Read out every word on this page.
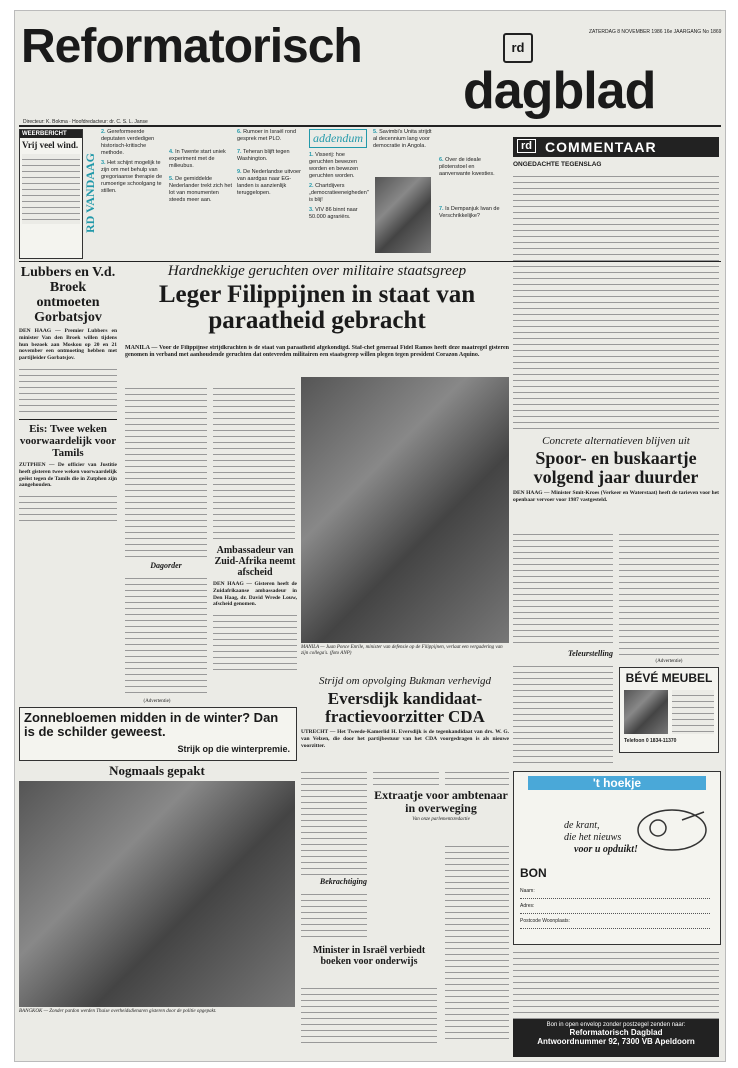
Reformatorisch	rd
ZATERDAG 8 NOVEMBER 1986 16e JAARGANG No 1869
dagblad
Directeur: K. Bokma · Hoofdredacteur: dr. C. S. L. Janse
WEERBERICHT
Vrij veel wind.
RD VANDAAG
2. Gereformeerde deputaten verdedigen historisch-kritische methode.
3. Het schijnt mogelijk te zijn om met behulp van gregoriaanse therapie de rumoerige schoolgang te stillen.
4. In Twente start uniek experiment met de milieubus.
5. De gemiddelde Nederlander trekt zich het lot van monumenten steeds meer aan.
6. Rumoer in Israël rond gesprek met PLO.
7. Teheran blijft tegen Washington.
9. De Nederlandse uitvoer van aardgas naar EG-landen is aanzienlijk teruggelopen.
addendum
1. Visserij: hoe geruchten bewezen worden en bewezen geruchten worden.
2. Chartdijvers „democratieeneigheden" is blij!
3. VIV 86 binnt naar 50.000 agrariërs.
5. Savimbi's Unita strijdt al decennium lang voor democratie in Angola.
6. Over de ideale pilotenstoel en aanverwante kwesties.
7. Is Dempanjuk Iwan de Verschrikkelijke?
rd COMMENTAAR
ONGEDACHTE TEGENSLAG
Lubbers en V.d. Broek ontmoeten Gorbatsjov
DEN HAAG — Premier Lubbers en minister Van den Broek willen tijdens hun bezoek aan Moskou op 20 en 21 november een ontmoeting hebben met partijleider Gorbatsjov.
Eis: Twee weken voorwaardelijk voor Tamils
ZUTPHEN — De officier van Justitie heeft gisteren twee weken voorwaardelijk geëist tegen de Tamils die in Zutphen zijn aangehouden.
Hardnekkige geruchten over militaire staatsgreep
Leger Filippijnen in staat van paraatheid gebracht
MANILA — Voor de Filippijnse strijdkrachten is de staat van paraatheid afgekondigd. Staf-chef generaal Fidel Ramos heeft deze maatregel gisteren genomen in verband met aanhoudende geruchten dat ontevreden militairen een staatsgreep willen plegen tegen president Corazon Aquino.
Dagorder
MANILA — Juan Ponce Enrile, minister van defensie op de Filippijnen, verlaat een vergadering van zijn collega's. (foto ANP)
Ambassadeur van Zuid-Afrika neemt afscheid
DEN HAAG — Gisteren heeft de Zuidafrikaanse ambassadeur in Den Haag, dr. David Wrede Louw, afscheid genomen.
Concrete alternatieven blijven uit
Spoor- en buskaartje volgend jaar duurder
DEN HAAG — Minister Smit-Kroes (Verkeer en Waterstaat) heeft de tarieven voor het openbaar vervoer voor 1987 vastgesteld.
Teleurstelling
(Advertentie)
BÉVÉ MEUBEL
Telefoon 0 1834-11370
Strijd om opvolging Bukman verhevigd
Eversdijk kandidaat-fractievoorzitter CDA
UTRECHT — Het Tweede-Kamerlid H. Eversdijk is de tegenkandidaat van drs. W. G. van Velzen, die door het partijbestuur van het CDA voorgedragen is als nieuwe voorzitter.
Bekrachtiging
Extraatje voor ambtenaar in overweging
Van onze parlementsredactie
Minister in Israël verbiedt boeken voor onderwijs
(Advertentie)
Zonnebloemen midden in de winter? Dan is de schilder geweest.
Strijk op die winterpremie.
Nogmaals gepakt
BANGKOK — Zonder pardon werden Thaise overheidsdienaren gisteren door de politie opgepakt.
't hoekje
de krant,
die het nieuws
voor u opduikt!
BON
Naam:
Adres:
Postcode Woonplaats:
Bon in open envelop zonder postzegel zenden naar:
Reformatorisch Dagblad
Antwoordnummer 92, 7300 VB Apeldoorn
